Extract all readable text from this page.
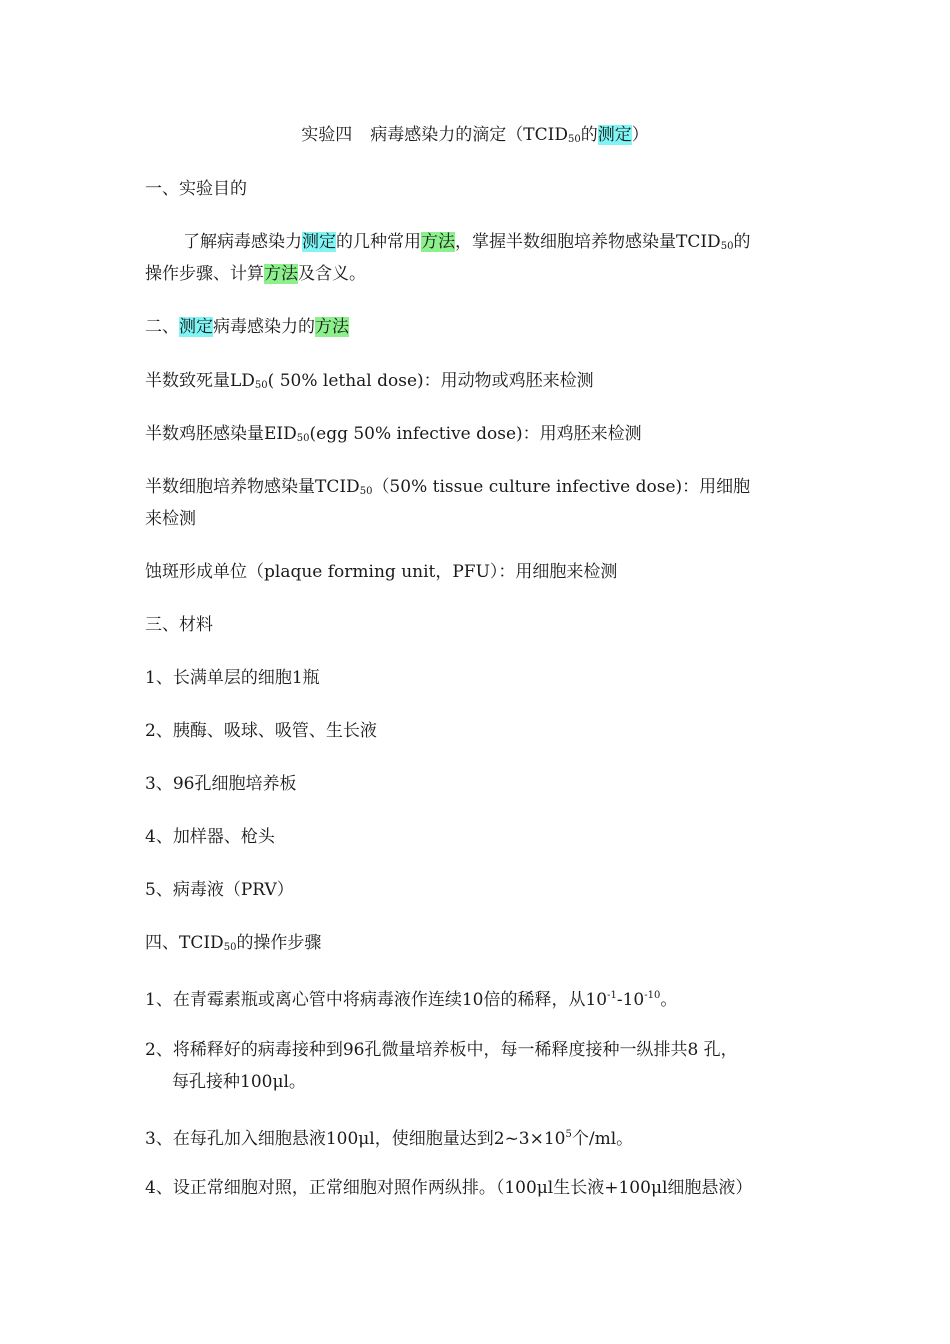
实验四 病毒感染力的滴定（$TCID_{50}$的测定）
一、实验目的
了解病毒感染力测定的几种常用方法，掌握半数细胞培养物感染量$TCID_{50}$的
操作步骤、计算方法及含义。
二、测定病毒感染力的方法
半数致死量$LD_{50}$( 50% lethal dose)：用动物或鸡胚来检测
半数鸡胚感染量$EID_{50}(egg$ 50% infective dose)：用鸡胚来检测
半数细胞培养物感染量$TCID_{50}(50\%$ tissue culture infective dose)：用细胞
来检测
蚀斑形成单位（plaque forming unit，PFU）：用细胞来检测
三、材料
1、长满单层的细胞1瓶
2、胰酶、吸球、吸管、生长液
3、96孔细胞培养板
4、加样器、枪头
5、病毒液（PRV）
四、$TCID_{50}$的操作步骤
1、在青霉素瓶或离心管中将病毒液作连续10倍的稀释，从$10^{-1}-10^{-10}$。
2、将稀释好的病毒接种到96孔微量培养板中，每一稀释度接种一纵排共8 孔，
每孔接种100μl。
3、在每孔加入细胞悬液100μl，使细胞量达到$2\sim 3\times 10^5$个/ml。
4、设正常细胞对照，正常细胞对照作两纵排。（100μl生长液+100μl细胞悬液）
